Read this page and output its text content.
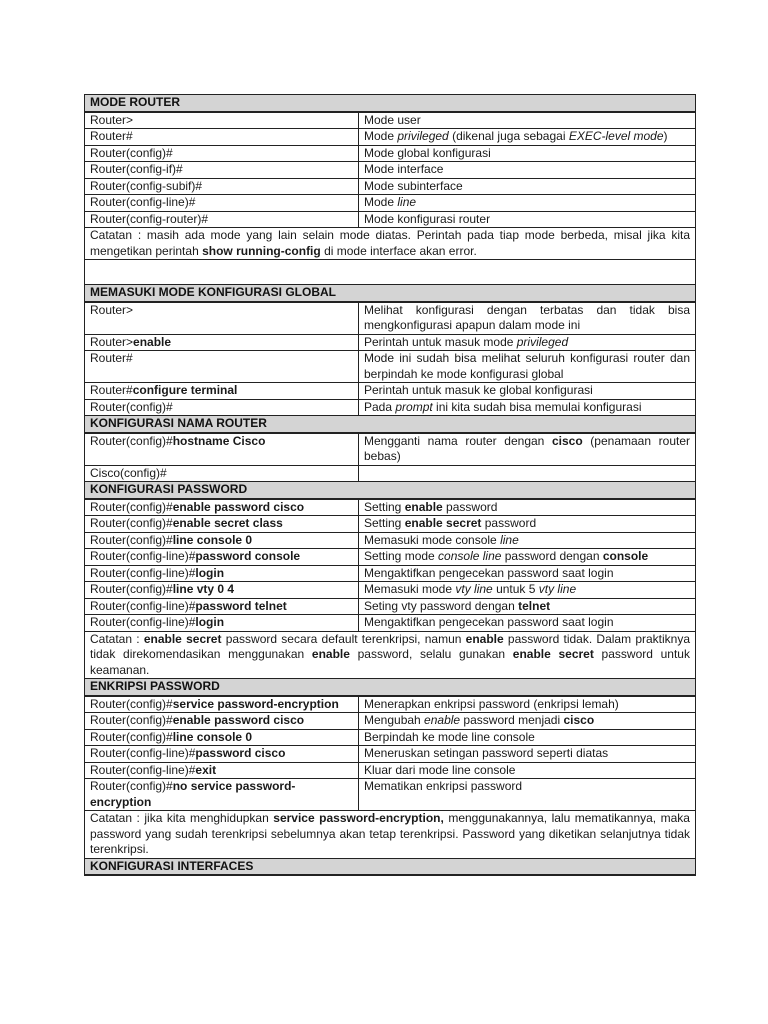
MODE ROUTER	
Router>	Mode user
Router#	Mode privileged (dikenal juga sebagai EXEC-level mode)
Router(config)#	Mode global konfigurasi
Router(config-if)#	Mode interface
Router(config-subif)#	Mode subinterface
Router(config-line)#	Mode line
Router(config-router)#	Mode konfigurasi router
Catatan : masih ada mode yang lain selain mode diatas. Perintah pada tiap mode berbeda, misal jika kita mengetikan perintah show running-config di mode interface akan error.	

MEMASUKI MODE KONFIGURASI GLOBAL	
Router>	Melihat konfigurasi dengan terbatas dan tidak bisa mengkonfigurasi apapun dalam mode ini
Router>enable	Perintah untuk masuk mode privileged
Router#	Mode ini sudah bisa melihat seluruh konfigurasi router dan berpindah ke mode konfigurasi global
Router#configure terminal	Perintah untuk masuk ke global konfigurasi
Router(config)#	Pada prompt ini kita sudah bisa memulai konfigurasi
KONFIGURASI NAMA ROUTER	
Router(config)#hostname Cisco	Mengganti nama router dengan cisco (penamaan router bebas)
Cisco(config)#	
KONFIGURASI PASSWORD	
Router(config)#enable password cisco	Setting enable password
Router(config)#enable secret class	Setting enable secret password
Router(config)#line console 0	Memasuki mode console line
Router(config-line)#password console	Setting mode console line password dengan console
Router(config-line)#login	Mengaktifkan pengecekan password saat login
Router(config)#line vty 0 4	Memasuki mode vty line untuk 5 vty line
Router(config-line)#password telnet	Seting vty password dengan telnet
Router(config-line)#login	Mengaktifkan pengecekan password saat login
Catatan : enable secret password secara default terenkripsi, namun enable password tidak. Dalam praktiknya tidak direkomendasikan menggunakan enable password, selalu gunakan enable secret password untuk keamanan.	
ENKRIPSI PASSWORD	
Router(config)#service password-encryption	Menerapkan enkripsi password (enkripsi lemah)
Router(config)#enable password cisco	Mengubah enable password menjadi cisco
Router(config)#line console 0	Berpindah ke mode line console
Router(config-line)#password cisco	Meneruskan setingan password seperti diatas
Router(config-line)#exit	Kluar dari mode line console
Router(config)#no service password-encryption	Mematikan enkripsi password
Catatan : jika kita menghidupkan service password-encryption, menggunakannya, lalu mematikannya, maka password yang sudah terenkripsi sebelumnya akan tetap terenkripsi. Password yang diketikan selanjutnya tidak terenkripsi.	
KONFIGURASI INTERFACES	
